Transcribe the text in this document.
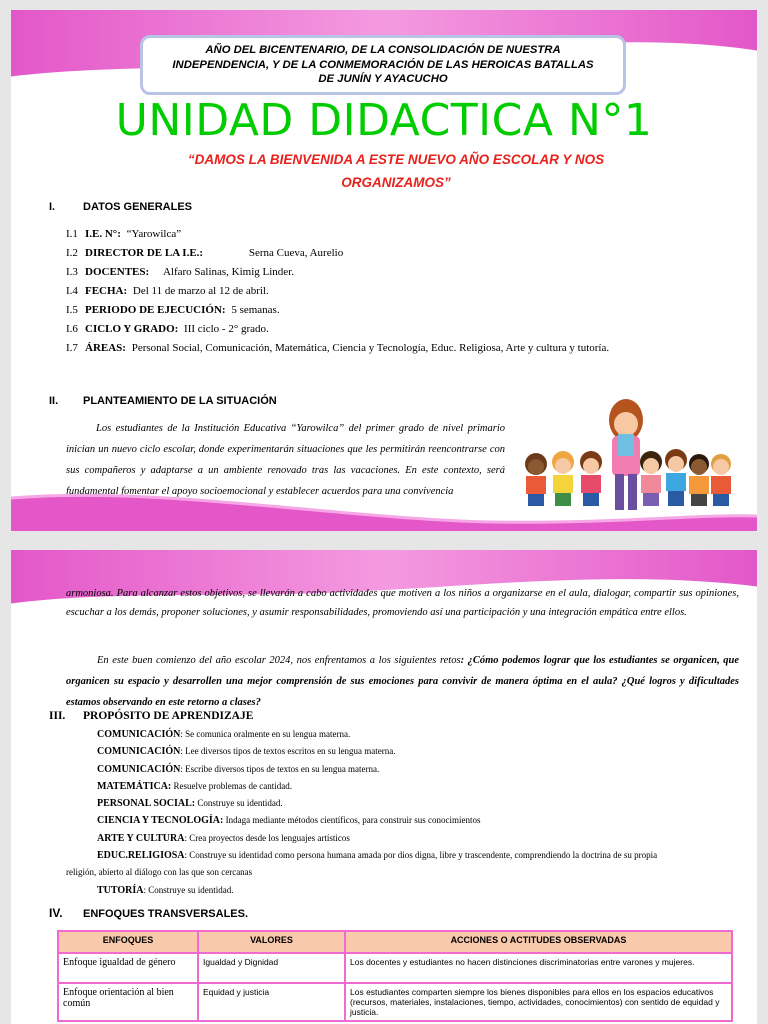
AÑO DEL BICENTENARIO, DE LA CONSOLIDACIÓN DE NUESTRA
INDEPENDENCIA, Y DE LA CONMEMORACIÓN DE LAS HEROICAS BATALLAS
DE JUNÍN Y AYACUCHO
UNIDAD DIDACTICA N°1
“DAMOS LA BIENVENIDA A ESTE NUEVO AÑO ESCOLAR Y NOS
ORGANIZAMOS”
I.	DATOS GENERALES
I.1 I.E. N°: “Yarowilca”
I.2 DIRECTOR DE LA I.E.:	Serna Cueva, Aurelio
I.3 DOCENTES: Alfaro Salinas, Kimig Linder.
I.4 FECHA: Del 11 de marzo al 12 de abril.
I.5 PERIODO DE EJECUCIÓN: 5 semanas.
I.6 CICLO Y GRADO: III ciclo - 2° grado.
I.7 ÁREAS: Personal Social, Comunicación, Matemática, Ciencia y Tecnología, Educ. Religiosa, Arte y cultura y tutoría.
II. PLANTEAMIENTO DE LA SITUACIÓN
Los estudiantes de la Institución Educativa “Yarowilca” del primer grado de nivel primario inician un nuevo ciclo escolar, donde experimentarán situaciones que les permitirán reencontrarse con sus compañeros y adaptarse a un ambiente renovado tras las vacaciones. En este contexto, será fundamental fomentar el apoyo socioemocional y establecer acuerdos para una convivencia
armoniosa. Para alcanzar estos objetivos, se llevarán a cabo actividades que motiven a los niños a organizarse en el aula, dialogar, compartir sus opiniones, escuchar a los demás, proponer soluciones, y asumir responsabilidades, promoviendo así una participación y una integración empática entre ellos.
En este buen comienzo del año escolar 2024, nos enfrentamos a los siguientes retos: ¿Cómo podemos lograr que los estudiantes se organicen, que organicen su espacio y desarrollen una mejor comprensión de sus emociones para convivir de manera óptima en el aula? ¿Qué logros y dificultades estamos observando en este retorno a clases?
III. PROPÓSITO DE APRENDIZAJE
COMUNICACIÓN: Se comunica oralmente en su lengua materna.
COMUNICACIÓN: Lee diversos tipos de textos escritos en su lengua materna.
COMUNICACIÓN: Escribe diversos tipos de textos en su lengua materna.
MATEMÁTICA: Resuelve problemas de cantidad.
PERSONAL SOCIAL: Construye su identidad.
CIENCIA Y TECNOLOGÍA: Indaga mediante métodos científicos, para construir sus conocimientos
ARTE Y CULTURA: Crea proyectos desde los lenguajes artísticos
EDUC.RELIGIOSA: Construye su identidad como persona humana amada por dios digna, libre y trascendente, comprendiendo la doctrina de su propia
religión, abierto al diálogo con las que son cercanas
TUTORÍA: Construye su identidad.
IV. ENFOQUES TRANSVERSALES.
ENFOQUES	VALORES	ACCIONES O ACTITUDES OBSERVADAS
Enfoque igualdad de género	Igualdad y Dignidad	Los docentes y estudiantes no hacen distinciones discriminatorias entre varones y mujeres.
Enfoque orientación al bien común	Equidad y justicia	Los estudiantes comparten siempre los bienes disponibles para ellos en los espacios educativos (recursos, materiales, instalaciones, tiempo, actividades, conocimientos) con sentido de equidad y justicia.
